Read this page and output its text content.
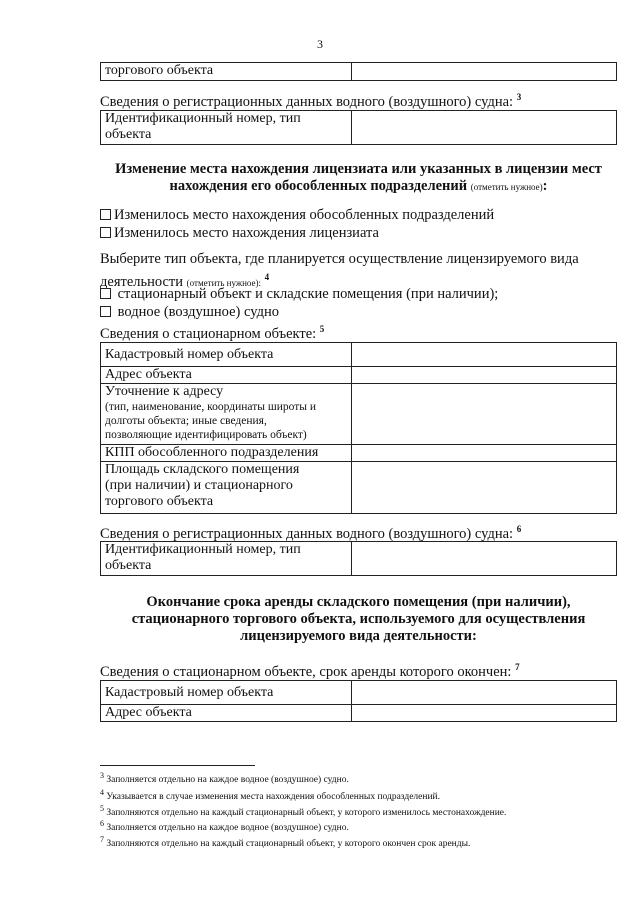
3
торгового объекта	
Сведения о регистрационных данных водного (воздушного) судна: $^3$
Идентификационный номер, тип
объекта

Изменение места нахождения лицензиата или указанных в лицензии мест
нахождения его обособленных подразделений (отметить нужное):
Изменилось место нахождения обособленных подразделений
Изменилось место нахождения лицензиата
Выберите тип объекта, где планируется осуществление лицензируемого вида
деятельности (отметить нужное): $^4$
стационарный объект и складские помещения (при наличии);
водное (воздушное) судно
Сведения о стационарном объекте: $^5$
Кадастровый номер объекта	
Адрес объекта	

Уточнение к адресу
(тип, наименование, координаты широты и
долготы объекта; иные сведения,
позволяющие идентифицировать объект)	

КПП обособленного подразделения	

Площадь складского помещения
(при наличии) и стационарного
торгового объекта	

Сведения о регистрационных данных водного (воздушного) судна: $^6$
Идентификационный номер, тип
объекта

Окончание срока аренды складского помещения (при наличии),
стационарного торгового объекта, используемого для осуществления
лицензируемого вида деятельности:
Сведения о стационарном объекте, срок аренды которого окончен: $^7$
Кадастровый номер объекта	
Адрес объекта	
$^3$ Заполняется отдельно на каждое водное (воздушное) судно.
$^4$ Указывается в случае изменения места нахождения обособленных подразделений.
$^5$ Заполняются отдельно на каждый стационарный объект, у которого изменилось местонахождение.
$^6$ Заполняется отдельно на каждое водное (воздушное) судно.
$^7$ Заполняются отдельно на каждый стационарный объект, у которого окончен срок аренды.
